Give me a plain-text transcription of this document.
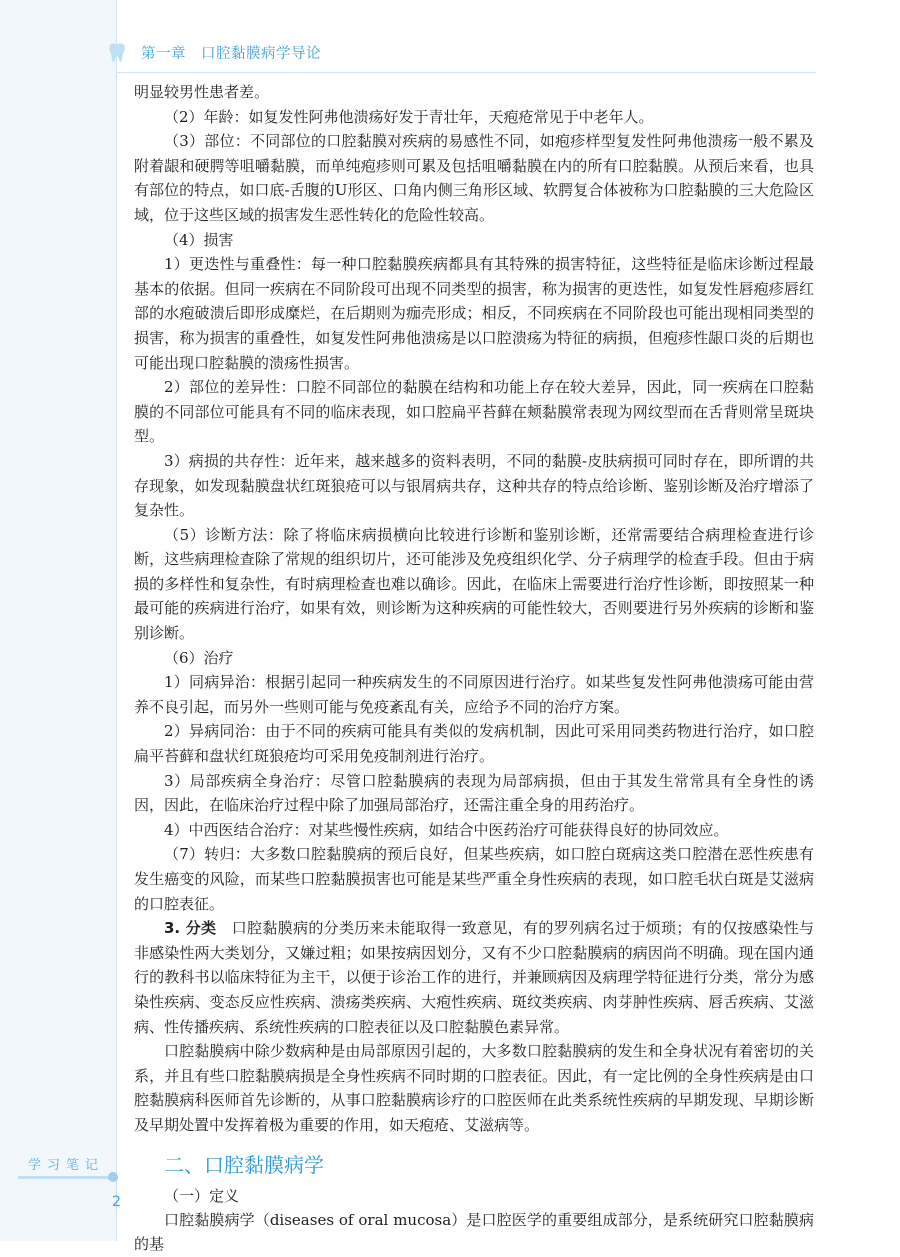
第一章　口腔黏膜病学导论

明显较男性患者差。

（2）年龄：如复发性阿弗他溃疡好发于青壮年，天疱疮常见于中老年人。

（3）部位：不同部位的口腔黏膜对疾病的易感性不同，如疱疹样型复发性阿弗他溃疡一般不累及附着龈和硬腭等咀嚼黏膜，而单纯疱疹则可累及包括咀嚼黏膜在内的所有口腔黏膜。从预后来看，也具有部位的特点，如口底-舌腹的U形区、口角内侧三角形区域、软腭复合体被称为口腔黏膜的三大危险区域，位于这些区域的损害发生恶性转化的危险性较高。

（4）损害

1）更迭性与重叠性：每一种口腔黏膜疾病都具有其特殊的损害特征，这些特征是临床诊断过程最基本的依据。但同一疾病在不同阶段可出现不同类型的损害，称为损害的更迭性，如复发性唇疱疹唇红部的水疱破溃后即形成糜烂，在后期则为痂壳形成；相反，不同疾病在不同阶段也可能出现相同类型的损害，称为损害的重叠性，如复发性阿弗他溃疡是以口腔溃疡为特征的病损，但疱疹性龈口炎的后期也可能出现口腔黏膜的溃疡性损害。

2）部位的差异性：口腔不同部位的黏膜在结构和功能上存在较大差异，因此，同一疾病在口腔黏膜的不同部位可能具有不同的临床表现，如口腔扁平苔藓在颊黏膜常表现为网纹型而在舌背则常呈斑块型。

3）病损的共存性：近年来，越来越多的资料表明，不同的黏膜-皮肤病损可同时存在，即所谓的共存现象，如发现黏膜盘状红斑狼疮可以与银屑病共存，这种共存的特点给诊断、鉴别诊断及治疗增添了复杂性。

（5）诊断方法：除了将临床病损横向比较进行诊断和鉴别诊断，还常需要结合病理检查进行诊断，这些病理检查除了常规的组织切片，还可能涉及免疫组织化学、分子病理学的检查手段。但由于病损的多样性和复杂性，有时病理检查也难以确诊。因此，在临床上需要进行治疗性诊断，即按照某一种最可能的疾病进行治疗，如果有效，则诊断为这种疾病的可能性较大，否则要进行另外疾病的诊断和鉴别诊断。

（6）治疗

1）同病异治：根据引起同一种疾病发生的不同原因进行治疗。如某些复发性阿弗他溃疡可能由营养不良引起，而另外一些则可能与免疫紊乱有关，应给予不同的治疗方案。

2）异病同治：由于不同的疾病可能具有类似的发病机制，因此可采用同类药物进行治疗，如口腔扁平苔藓和盘状红斑狼疮均可采用免疫制剂进行治疗。

3）局部疾病全身治疗：尽管口腔黏膜病的表现为局部病损，但由于其发生常常具有全身性的诱因，因此，在临床治疗过程中除了加强局部治疗，还需注重全身的用药治疗。

4）中西医结合治疗：对某些慢性疾病，如结合中医药治疗可能获得良好的协同效应。

（7）转归：大多数口腔黏膜病的预后良好，但某些疾病，如口腔白斑病这类口腔潜在恶性疾患有发生癌变的风险，而某些口腔黏膜损害也可能是某些严重全身性疾病的表现，如口腔毛状白斑是艾滋病的口腔表征。

3. 分类　口腔黏膜病的分类历来未能取得一致意见，有的罗列病名过于烦琐；有的仅按感染性与非感染性两大类划分，又嫌过粗；如果按病因划分，又有不少口腔黏膜病的病因尚不明确。现在国内通行的教科书以临床特征为主干，以便于诊治工作的进行，并兼顾病因及病理学特征进行分类，常分为感染性疾病、变态反应性疾病、溃疡类疾病、大疱性疾病、斑纹类疾病、肉芽肿性疾病、唇舌疾病、艾滋病、性传播疾病、系统性疾病的口腔表征以及口腔黏膜色素异常。

口腔黏膜病中除少数病种是由局部原因引起的，大多数口腔黏膜病的发生和全身状况有着密切的关系，并且有些口腔黏膜病损是全身性疾病不同时期的口腔表征。因此，有一定比例的全身性疾病是由口腔黏膜病科医师首先诊断的，从事口腔黏膜病诊疗的口腔医师在此类系统性疾病的早期发现、早期诊断及早期处置中发挥着极为重要的作用，如天疱疮、艾滋病等。

二、口腔黏膜病学

（一）定义

口腔黏膜病学（diseases of oral mucosa）是口腔医学的重要组成部分，是系统研究口腔黏膜病的基

学习笔记
2
